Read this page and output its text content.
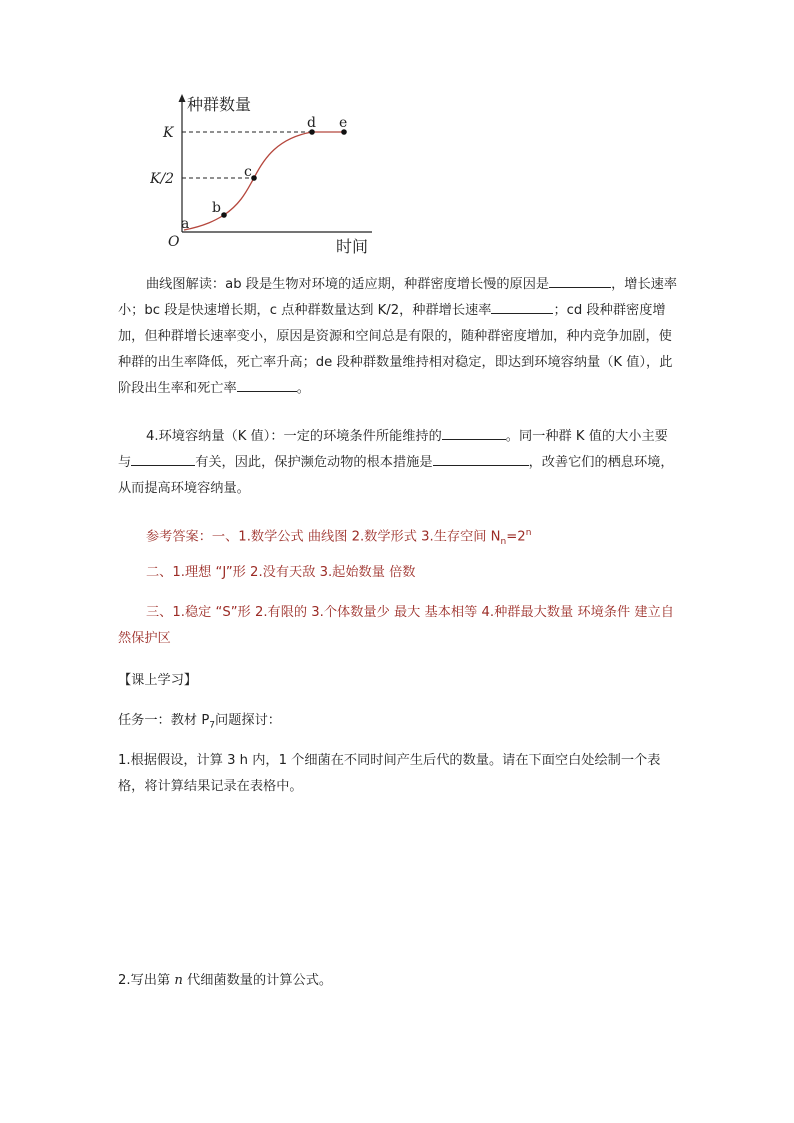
种群数量
K
K/2
O	时间
a
b
c
d e

曲线图解读：ab 段是生物对环境的适应期，种群密度增长慢的原因是	，增长速率小；bc 段是快速增长期，c 点种群数量达到 K/2，种群增长速率	；cd 段种群密度增加，但种群增长速率变小，原因是资源和空间总是有限的，随种群密度增加，种内竞争加剧，使种群的出生率降低，死亡率升高；de 段种群数量维持相对稳定，即达到环境容纳量（K 值），此阶段出生率和死亡率	。

4.环境容纳量（K 值）：一定的环境条件所能维持的	。同一种群 K 值的大小主要与	有关，因此，保护濒危动物的根本措施是	，改善它们的栖息环境，从而提高环境容纳量。

参考答案：一、1.数学公式 曲线图 2.数学形式 3.生存空间 $N_n=2^n$

二、1.理想 “J”形 2.没有天敌 3.起始数量 倍数

三、1.稳定 “S”形 2.有限的 3.个体数量少 最大 基本相等 4.种群最大数量 环境条件 建立自然保护区

【课上学习】

任务一：教材 $P_7$问题探讨：

1.根据假设，计算 3 h 内，1 个细菌在不同时间产生后代的数量。请在下面空白处绘制一个表格，将计算结果记录在表格中。

2.写出第 n 代细菌数量的计算公式。
